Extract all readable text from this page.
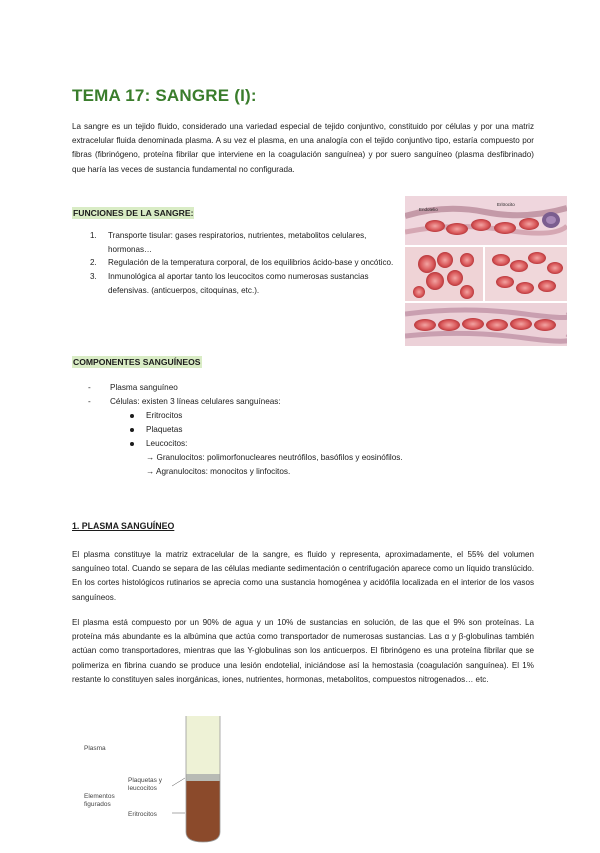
TEMA 17: SANGRE (I):

La sangre es un tejido fluido, considerado una variedad especial de tejido conjuntivo, constituido por células y por una matriz extracelular fluida denominada plasma. A su vez el plasma, en una analogía con el tejido conjuntivo tipo, estaría compuesto por fibras (fibrinógeno, proteína fibrilar que interviene en la coagulación sanguínea) y por suero sanguíneo (plasma desfibrinado) que haría las veces de sustancia fundamental no configurada.

FUNCIONES DE LA SANGRE:
1. Transporte tisular: gases respiratorios, nutrientes, metabolitos celulares, hormonas…
2. Regulación de la temperatura corporal, de los equilibrios ácido-base y oncótico.
3. Inmunológica al aportar tanto los leucocitos como numerosas sustancias defensivas. (anticuerpos, citoquinas, etc.).
Endotelio
Eritrocito
COMPONENTES SANGUÍNEOS
- Plasma sanguíneo
- Células: existen 3 líneas celulares sanguíneas:
Eritrocitos
Plaquetas
Leucocitos:
→ Granulocitos: polimorfonucleares neutrófilos, basófilos y eosinófilos.
→ Agranulocitos: monocitos y linfocitos.
1. PLASMA SANGUÍNEO

El plasma constituye la matriz extracelular de la sangre, es fluido y representa, aproximadamente, el 55% del volumen sanguíneo total. Cuando se separa de las células mediante sedimentación o centrifugación aparece como un líquido translúcido. En los cortes histológicos rutinarios se aprecia como una sustancia homogénea y acidófila localizada en el interior de los vasos sanguíneos.

El plasma está compuesto por un 90% de agua y un 10% de sustancias en solución, de las que el 9% son proteínas. La proteína más abundante es la albúmina que actúa como transportador de numerosas sustancias. Las α y β-globulinas también actúan como transportadores, mientras que las Y-globulinas son los anticuerpos. El fibrinógeno es una proteína fibrilar que se polimeriza en fibrina cuando se produce una lesión endotelial, iniciándose así la hemostasia (coagulación sanguínea). El 1% restante lo constituyen sales inorgánicas, iones, nutrientes, hormonas, metabolitos, compuestos nitrogenados… etc.

Plasma
Plaquetas y
leucocitos
Elementos
figurados
Eritrocitos
